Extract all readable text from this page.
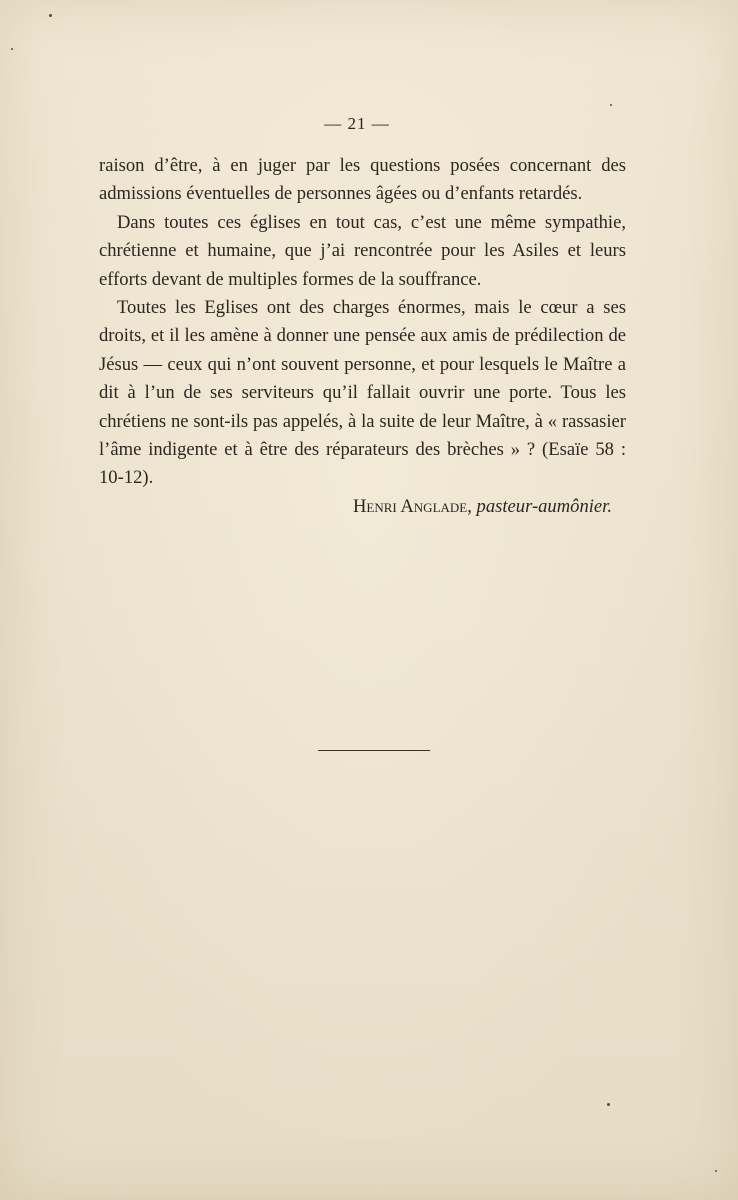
— 21 —

raison d’être, à en juger par les questions posées concernant des admissions éventuelles de personnes âgées ou d’enfants retardés.

Dans toutes ces églises en tout cas, c’est une même sympathie, chrétienne et humaine, que j’ai rencontrée pour les Asiles et leurs efforts devant de multiples formes de la souffrance.

Toutes les Eglises ont des charges énormes, mais le cœur a ses droits, et il les amène à donner une pensée aux amis de prédilection de Jésus — ceux qui n’ont souvent personne, et pour lesquels le Maître a dit à l’un de ses serviteurs qu’il fallait ouvrir une porte. Tous les chrétiens ne sont-ils pas appelés, à la suite de leur Maître, à « rassasier l’âme indigente et à être des réparateurs des brèches » ? (Esaïe 58 : 10-12).

Henri Anglade, pasteur-aumônier.
